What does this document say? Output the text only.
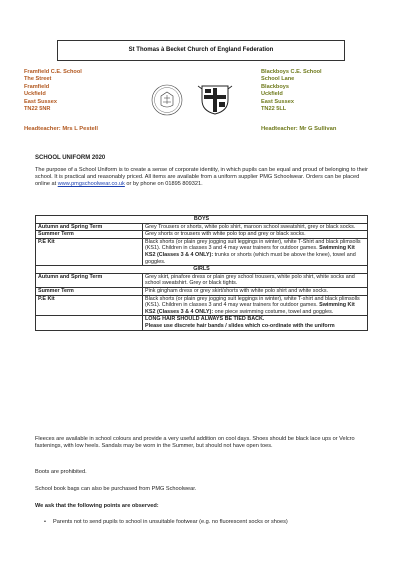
St Thomas à Becket Church of England Federation
Framfield C.E. School
The Street
Framfield
Uckfield
East Sussex
TN22 5NR
Headteacher: Mrs L Pestell
Blackboys C.E. School
School Lane
Blackboys
Uckfield
East Sussex
TN22 5LL
Headteacher: Mr G Sullivan
SCHOOL UNIFORM 2020
The purpose of a School Uniform is to create a sense of corporate identity, in which pupils can be equal and proud of belonging to their school. It is practical and reasonably priced. All items are available from a uniform supplier PMG Schoolwear. Orders can be placed online at www.pmgschoolwear.co.uk or by phone on 01895 809321.
BOYS	
Autumn and Spring Term	Grey Trousers or shorts, white polo shirt, maroon school sweatshirt, grey or black socks.
Summer Term	Grey shorts or trousers with white polo top and grey or black socks.
P.E Kit	Black shorts (or plain grey jogging suit leggings in winter), white T-Shirt and black plimsolls (KS1). Children in classes 3 and 4 may wear trainers for outdoor games. Swimming Kit KS2 (Classes 3 & 4 ONLY): trunks or shorts (which must be above the knee), towel and goggles.
GIRLS	
Autumn and Spring Term	Grey skirt, pinafore dress or plain grey school trousers, white polo shirt, white socks and school sweatshirt. Grey or black tights.
Summer Term	Pink gingham dress or grey skirt/shorts with white polo shirt and white socks.
P.E Kit	Black shorts (or plain grey jogging suit leggings in winter), white T-shirt and black plimsolls (KS1). Children in classes 3 and 4 may wear trainers for outdoor games. Swimming Kit KS2 (Classes 3 & 4 ONLY): one piece swimming costume, towel and goggles.

	LONG HAIR SHOULD ALWAYS BE TIED BACK.
Please use discrete hair bands / slides which co-ordinate with the uniform
Fleeces are available in school colours and provide a very useful addition on cool days. Shoes should be black lace ups or Velcro fastenings, with low heels. Sandals may be worn in the Summer, but should not have open toes.
Boots are prohibited.
School book bags can also be purchased from PMG Schoolwear.
We ask that the following points are observed:
• Parents not to send pupils to school in unsuitable footwear (e.g. no fluorescent socks or shoes)
